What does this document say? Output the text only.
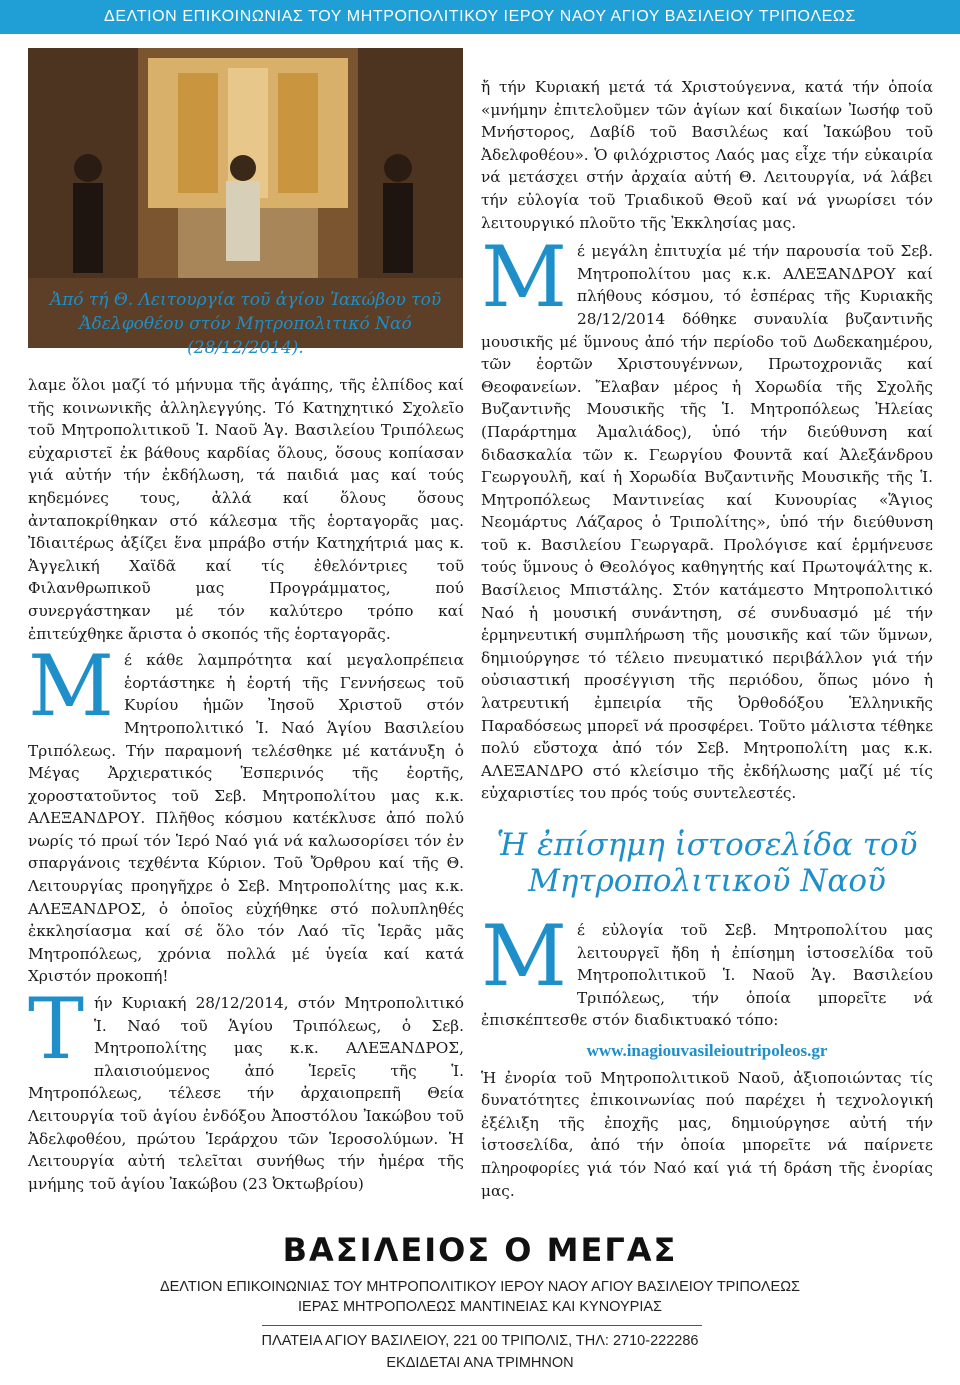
ΔΕΛΤΙΟΝ ΕΠΙΚΟΙΝΩΝΙΑΣ ΤΟΥ ΜΗΤΡΟΠΟΛΙΤΙΚΟΥ ΙΕΡΟΥ ΝΑΟΥ ΑΓΙΟΥ ΒΑΣΙΛΕΙΟΥ ΤΡΙΠΟΛΕΩΣ
Ἀπό τή Θ. Λειτουργία τοῦ ἁγίου Ἰακώβου τοῦ Ἀδελφοθέου στόν Μητροπολιτικό Ναό (28/12/2014).

λαμε ὅλοι μαζί τό μήνυμα τῆς ἀγάπης, τῆς ἐλπίδος καί τῆς κοινωνικῆς ἀλληλεγγύης. Τό Κατηχητικό Σχολεῖο τοῦ Μητροπολιτικοῦ Ἱ. Ναοῦ Ἁγ. Βασιλείου Τριπόλεως εὐχαριστεῖ ἐκ βάθους καρδίας ὅλους, ὅσους κοπίασαν γιά αὐτήν τήν ἐκδήλωση, τά παιδιά μας καί τούς κηδεμόνες τους, ἀλλά καί ὅλους ὅσους ἀνταποκρίθηκαν στό κάλεσμα τῆς ἑορταγορᾶς μας. Ἰδιαιτέρως ἀξίζει ἕνα μπράβο στήν Κατηχήτριά μας κ. Ἀγγελική Χαϊδᾶ καί τίς ἐθελόντριες τοῦ Φιλανθρωπικοῦ μας Προγράμματος, πού συνεργάστηκαν μέ τόν καλύτερο τρόπο καί ἐπιτεύχθηκε ἄριστα ὁ σκοπός τῆς ἑορταγορᾶς.

Μ έ κάθε λαμπρότητα καί μεγαλοπρέπεια ἑορτάστηκε ἡ ἑορτή τῆς Γεννήσεως τοῦ Κυρίου ἡμῶν Ἰησοῦ Χριστοῦ στόν Μητροπολιτικό Ἱ. Ναό Ἁγίου Βασιλείου Τριπόλεως. Τήν παραμονή τελέσθηκε μέ κατάνυξη ὁ Μέγας Ἀρχιερατικός Ἑσπερινός τῆς ἑορτῆς, χοροστατοῦντος τοῦ Σεβ. Μητροπολίτου μας κ.κ. ΑΛΕΞΑΝΔΡΟΥ. Πλῆθος κόσμου κατέκλυσε ἀπό πολύ νωρίς τό πρωί τόν Ἱερό Ναό γιά νά καλωσορίσει τόν ἐν σπαργάνοις τεχθέντα Κύριον. Τοῦ Ὄρθρου καί τῆς Θ. Λειτουργίας προηγῆχρε ὁ Σεβ. Μητροπολίτης μας κ.κ. ΑΛΕΞΑΝΔΡΟΣ, ὁ ὁποῖος εὐχήθηκε στό πολυπληθές ἐκκλησίασμα καί σέ ὅλο τόν Λαό τῖς Ἱερᾶς μᾶς Μητροπόλεως, χρόνια πολλά μέ ὑγεία καί κατά Χριστόν προκοπή!

Τ ήν Κυριακή 28/12/2014, στόν Μητροπολιτικό Ἱ. Ναό τοῦ Ἁγίου Τριπόλεως, ὁ Σεβ. Μητροπολίτης μας κ.κ. ΑΛΕΞΑΝΔΡΟΣ, πλαισιούμενος ἀπό Ἱερεῖς τῆς Ἱ. Μητροπόλεως, τέλεσε τήν ἀρχαιοπρεπῆ Θεία Λειτουργία τοῦ ἁγίου ἐνδόξου Ἀποστόλου Ἰακώβου τοῦ Ἀδελφοθέου, πρώτου Ἱεράρχου τῶν Ἱεροσολύμων. Ἡ Λειτουργία αὐτή τελεῖται συνήθως τήν ἡμέρα τῆς μνήμης τοῦ ἁγίου Ἰακώβου (23 Ὀκτωβρίου)

ἤ τήν Κυριακή μετά τά Χριστούγεννα, κατά τήν ὁποία «μνήμην ἐπιτελοῦμεν τῶν ἁγίων καί δικαίων Ἰωσήφ τοῦ Μνήστορος, Δαβίδ τοῦ Βασιλέως καί Ἰακώβου τοῦ Ἀδελφοθέου». Ὁ φιλόχριστος Λαός μας εἶχε τήν εὐκαιρία νά μετάσχει στήν ἀρχαία αὐτή Θ. Λειτουργία, νά λάβει τήν εὐλογία τοῦ Τριαδικοῦ Θεοῦ καί νά γνωρίσει τόν λειτουργικό πλοῦτο τῆς Ἐκκλησίας μας.

Μ έ μεγάλη ἐπιτυχία μέ τήν παρουσία τοῦ Σεβ. Μητροπολίτου μας κ.κ. ΑΛΕΞΑΝΔΡΟΥ καί πλήθους κόσμου, τό ἑσπέρας τῆς Κυριακῆς 28/12/2014 δόθηκε συναυλία βυζαντινῆς μουσικῆς μέ ὕμνους ἀπό τήν περίοδο τοῦ Δωδεκαημέρου, τῶν ἑορτῶν Χριστουγέννων, Πρωτοχρονιᾶς καί Θεοφανείων. Ἔλαβαν μέρος ἡ Χορωδία τῆς Σχολῆς Βυζαντινῆς Μουσικῆς τῆς Ἱ. Μητροπόλεως Ἠλείας (Παράρτημα Ἀμαλιάδος), ὑπό τήν διεύθυνση καί διδασκαλία τῶν κ. Γεωργίου Φουντᾶ καί Ἀλεξάνδρου Γεωργουλῆ, καί ἡ Χορωδία Βυζαντινῆς Μουσικῆς τῆς Ἱ. Μητροπόλεως Μαντινείας καί Κυνουρίας «Ἅγιος Νεομάρτυς Λάζαρος ὁ Τριπολίτης», ὑπό τήν διεύθυνση τοῦ κ. Βασιλείου Γεωργαρᾶ. Προλόγισε καί ἑρμήνευσε τούς ὕμνους ὁ Θεολόγος καθηγητής καί Πρωτοψάλτης κ. Βασίλειος Μπιστάλης. Στόν κατάμεστο Μητροπολιτικό Ναό ἡ μουσική συνάντηση, σέ συνδυασμό μέ τήν ἑρμηνευτική συμπλήρωση τῆς μουσικῆς καί τῶν ὕμνων, δημιούργησε τό τέλειο πνευματικό περιβάλλον γιά τήν οὐσιαστική προσέγγιση τῆς περιόδου, ὅπως μόνο ἡ λατρευτική ἐμπειρία τῆς Ὀρθοδόξου Ἑλληνικῆς Παραδόσεως μπορεῖ νά προσφέρει. Τοῦτο μάλιστα τέθηκε πολύ εὔστοχα ἀπό τόν Σεβ. Μητροπολίτη μας κ.κ. ΑΛΕΞΑΝΔΡΟ στό κλείσιμο τῆς ἐκδήλωσης μαζί μέ τίς εὐχαριστίες του πρός τούς συντελεστές.

Ἡ ἐπίσημη ἱστοσελίδα τοῦ Μητροπολιτικοῦ Ναοῦ

Μ έ εὐλογία τοῦ Σεβ. Μητροπολίτου μας λειτουργεῖ ἤδη ἡ ἐπίσημη ἱστοσελίδα τοῦ Μητροπολιτικοῦ Ἱ. Ναοῦ Ἁγ. Βασιλείου Τριπόλεως, τήν ὁποία μπορεῖτε νά ἐπισκέπτεσθε στόν διαδικτυακό τόπο:

www.inagiouvasileioutripoleos.gr

Ἡ ἐνορία τοῦ Μητροπολιτικοῦ Ναοῦ, ἀξιοποιώντας τίς δυνατότητες ἐπικοινωνίας πού παρέχει ἡ τεχνολογική ἐξέλιξη τῆς ἐποχῆς μας, δημιούργησε αὐτή τήν ἱστοσελίδα, ἀπό τήν ὁποία μπορεῖτε νά παίρνετε πληροφορίες γιά τόν Ναό καί γιά τή δράση τῆς ἐνορίας μας.

ΒΑΣΙΛΕΙΟΣ Ο ΜΕΓΑΣ
ΔΕΛΤΙΟΝ ΕΠΙΚΟΙΝΩΝΙΑΣ ΤΟΥ ΜΗΤΡΟΠΟΛΙΤΙΚΟΥ ΙΕΡΟΥ ΝΑΟΥ ΑΓΙΟΥ ΒΑΣΙΛΕΙΟΥ ΤΡΙΠΟΛΕΩΣ
ΙΕΡΑΣ ΜΗΤΡΟΠΟΛΕΩΣ ΜΑΝΤΙΝΕΙΑΣ ΚΑΙ ΚΥΝΟΥΡΙΑΣ
ΠΛΑΤΕΙΑ ΑΓΙΟΥ ΒΑΣΙΛΕΙΟΥ, 221 00 ΤΡΙΠΟΛΙΣ, ΤΗΛ: 2710-222286
ΕΚΔΙΔΕΤΑΙ ΑΝΑ ΤΡΙΜΗΝΟΝ
